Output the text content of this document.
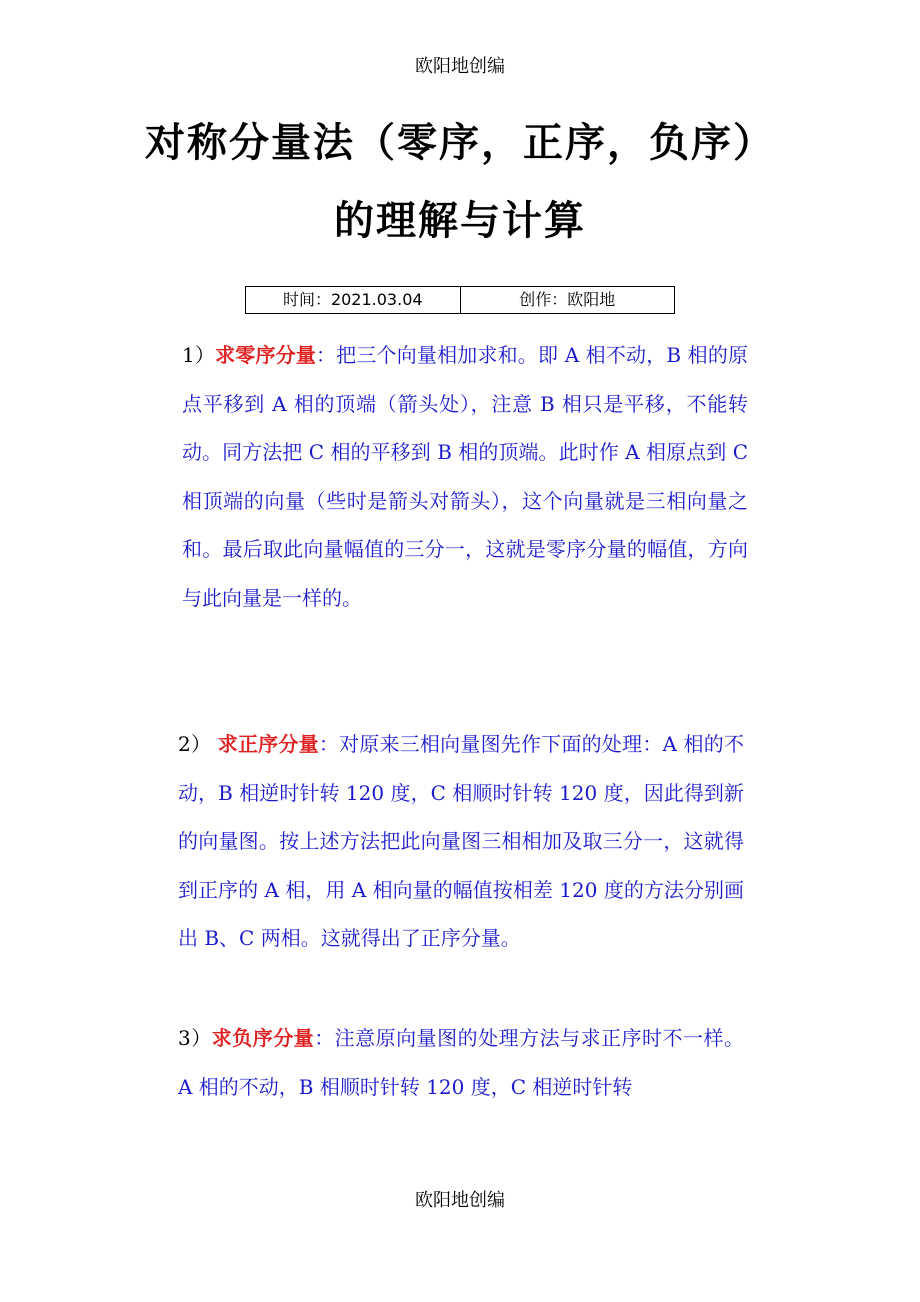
欧阳地创编
对称分量法（零序，正序，负序）的理解与计算
时间：2021.03.04	创作：欧阳地
1）求零序分量：把三个向量相加求和。即 A 相不动，B 相的原点平移到 A 相的顶端（箭头处），注意 B 相只是平移，不能转动。同方法把 C 相的平移到 B 相的顶端。此时作 A 相原点到 C 相顶端的向量（些时是箭头对箭头），这个向量就是三相向量之和。最后取此向量幅值的三分一，这就是零序分量的幅值，方向与此向量是一样的。
2） 求正序分量：对原来三相向量图先作下面的处理：A 相的不动，B 相逆时针转 120 度，C 相顺时针转 120 度，因此得到新的向量图。按上述方法把此向量图三相相加及取三分一，这就得到正序的 A 相，用 A 相向量的幅值按相差 120 度的方法分别画出 B、C 两相。这就得出了正序分量。
3）求负序分量：注意原向量图的处理方法与求正序时不一样。A 相的不动，B 相顺时针转 120 度，C 相逆时针转
欧阳地创编
